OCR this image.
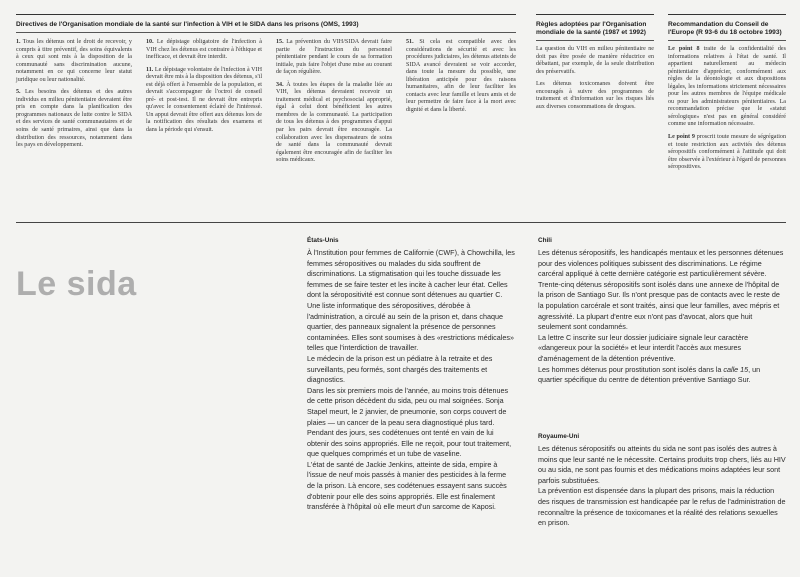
Directives de l'Organisation mondiale de la santé sur l'infection à VIH et le SIDA dans les prisons (OMS, 1993)	Règles adoptées par l'Organisation mondiale de la santé (1987 et 1992)
Recommandation du Conseil de l'Europe (R 93-6 du 18 octobre 1993)

1. Tous les détenus ont le droit de recevoir, y compris à titre préventif, des soins équivalents à ceux qui sont mis à la disposition de la communauté sans discrimination aucune, notamment en ce qui concerne leur statut juridique ou leur nationalité.

5. Les besoins des détenus et des autres individus en milieu pénitentiaire devraient être pris en compte dans la planification des programmes nationaux de lutte contre le SIDA et des services de santé communautaires et de soins de santé primaires, ainsi que dans la distribution des ressources, notamment dans les pays en développement.

10. Le dépistage obligatoire de l'infection à VIH chez les détenus est contraire à l'éthique et inefficace, et devrait être interdit.

11. Le dépistage volontaire de l'infection à VIH devrait être mis à la disposition des détenus, s'il est déjà offert à l'ensemble de la population, et devrait s'accompagner de l'octroi de conseil pré- et post-test. Il ne devrait être entrepris qu'avec le consentement éclairé de l'intéressé. Un appui devrait être offert aux détenus lors de la notification des résultats des examens et dans la période qui s'ensuit.

15. La prévention du VIH/SIDA devrait faire partie de l'instruction du personnel pénitentiaire pendant le cours de sa formation initiale, puis faire l'objet d'une mise au courant de façon régulière.

34. À toutes les étapes de la maladie liée au VIH, les détenus devraient recevoir un traitement médical et psychosocial approprié, égal à celui dont bénéficient les autres membres de la communauté. La participation de tous les détenus à des programmes d'appui par les pairs devrait être encouragée. La collaboration avec les dispensateurs de soins de santé dans la communauté devrait également être encouragée afin de faciliter les soins médicaux.

51. Si cela est compatible avec des considérations de sécurité et avec les procédures judiciaires, les détenus atteints de SIDA avancé devraient se voir accorder, dans toute la mesure du possible, une libération anticipée pour des raisons humanitaires, afin de leur faciliter les contacts avec leur famille et leurs amis et de leur permettre de faire face à la mort avec dignité et dans la liberté.

La question du VIH en milieu pénitentiaire ne doit pas être posée de manière réductrice en débattant, par exemple, de la seule distribution des préservatifs.

Les détenus toxicomanes doivent être encouragés à suivre des programmes de traitement et d'information sur les risques liés aux diverses consommations de drogues.

Le point 8 traite de la confidentialité des informations relatives à l'état de santé. Il appartient naturellement au médecin pénitentiaire d'apprécier, conformément aux règles de la déontologie et aux dispositions légales, les informations strictement nécessaires pour les autres membres de l'équipe médicale ou pour les administrateurs pénitentiaires. La recommandation précise que le «statut sérologique» n'est pas en général considéré comme une information nécessaire.

Le point 9 proscrit toute mesure de ségrégation et toute restriction aux activités des détenus séropositifs conformément à l'attitude qui doit être observée à l'extérieur à l'égard de personnes séropositives.

Le sida
États-Unis

À l'Institution pour femmes de Californie (CWF), à Chowchilla, les femmes séropositives ou malades du sida souffrent de discriminations. La stigmatisation qui les touche dissuade les femmes de se faire tester et les incite à cacher leur état. Celles dont la séropositivité est connue sont détenues au quartier C. Une liste informatique des séropositives, dérobée à l'administration, a circulé au sein de la prison et, dans chaque quartier, des panneaux signalent la présence de personnes contaminées. Elles sont soumises à des «restrictions médicales» telles que l'interdiction de travailler.

Le médecin de la prison est un pédiatre à la retraite et des surveillants, peu formés, sont chargés des traitements et diagnostics.

Dans les six premiers mois de l'année, au moins trois détenues de cette prison décèdent du sida, peu ou mal soignées. Sonja Stapel meurt, le 2 janvier, de pneumonie, son corps couvert de plaies — un cancer de la peau sera diagnostiqué plus tard. Pendant des jours, ses codétenues ont tenté en vain de lui obtenir des soins appropriés. Elle ne reçoit, pour tout traitement, que quelques comprimés et un tube de vaseline.

L'état de santé de Jackie Jenkins, atteinte de sida, empire à l'issue de neuf mois passés à manier des pesticides à la ferme de la prison. Là encore, ses codétenues essayent sans succès d'obtenir pour elle des soins appropriés. Elle est finalement transférée à l'hôpital où elle meurt d'un sarcome de Kaposi.

Chili

Les détenus séropositifs, les handicapés mentaux et les personnes détenues pour des violences politiques subissent des discriminations. Le régime carcéral appliqué à cette dernière catégorie est particulièrement sévère.

Trente-cinq détenus séropositifs sont isolés dans une annexe de l'hôpital de la prison de Santiago Sur. Ils n'ont presque pas de contacts avec le reste de la population carcérale et sont traités, ainsi que leur familles, avec mépris et agressivité. La plupart d'entre eux n'ont pas d'avocat, alors que huit seulement sont condamnés.

La lettre C inscrite sur leur dossier judiciaire signale leur caractère «dangereux pour la société» et leur interdit l'accès aux mesures d'aménagement de la détention préventive.

Les hommes détenus pour prostitution sont isolés dans la calle 15, un quartier spécifique du centre de détention préventive Santiago Sur.

Royaume-Uni

Les détenus séropositifs ou atteints du sida ne sont pas isolés des autres à moins que leur santé ne le nécessite. Certains produits trop chers, liés au HIV ou au sida, ne sont pas fournis et des médications moins adaptées leur sont parfois substituées.

La prévention est dispensée dans la plupart des prisons, mais la réduction des risques de transmission est handicapée par le refus de l'administration de reconnaître la présence de toxicomanes et la réalité des relations sexuelles en prison.
